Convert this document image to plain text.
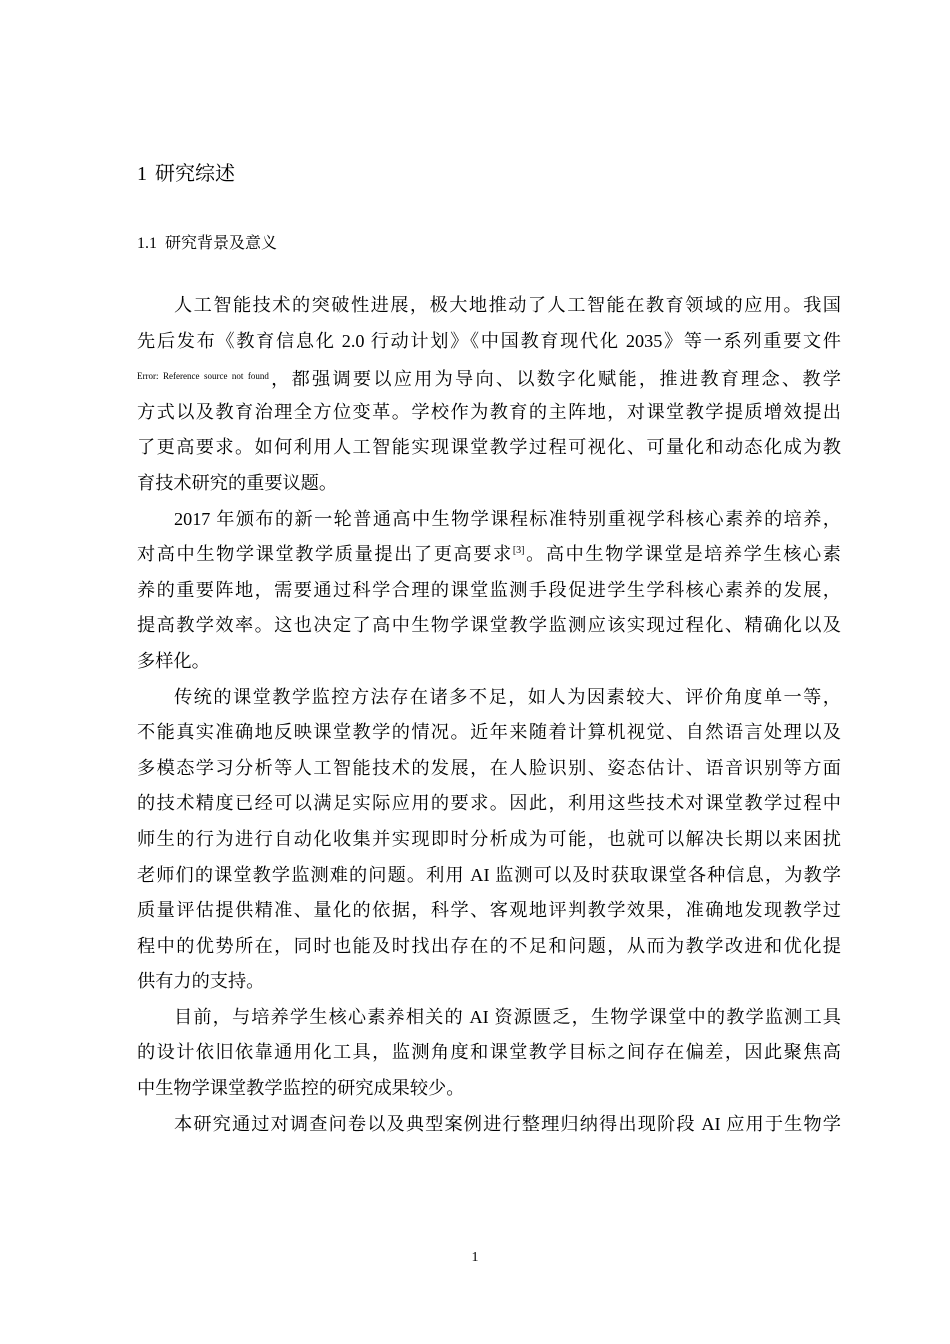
1 研究综述
1.1 研究背景及意义
人工智能技术的突破性进展，极大地推动了人工智能在教育领域的应用。我国
先后发布《教育信息化 2.0 行动计划》《中国教育现代化 2035》等一系列重要文件
$^{Error: Reference source not found}$，都强调要以应用为导向、以数字化赋能，推进教育理念、教学
方式以及教育治理全方位变革。学校作为教育的主阵地，对课堂教学提质增效提出
了更高要求。如何利用人工智能实现课堂教学过程可视化、可量化和动态化成为教
育技术研究的重要议题。
2017 年颁布的新一轮普通高中生物学课程标准特别重视学科核心素养的培养，
对高中生物学课堂教学质量提出了更高要求[3]。高中生物学课堂是培养学生核心素
养的重要阵地，需要通过科学合理的课堂监测手段促进学生学科核心素养的发展，
提高教学效率。这也决定了高中生物学课堂教学监测应该实现过程化、精确化以及
多样化。
传统的课堂教学监控方法存在诸多不足，如人为因素较大、评价角度单一等，
不能真实准确地反映课堂教学的情况。近年来随着计算机视觉、自然语言处理以及
多模态学习分析等人工智能技术的发展，在人脸识别、姿态估计、语音识别等方面
的技术精度已经可以满足实际应用的要求。因此，利用这些技术对课堂教学过程中
师生的行为进行自动化收集并实现即时分析成为可能，也就可以解决长期以来困扰
老师们的课堂教学监测难的问题。利用 AI 监测可以及时获取课堂各种信息，为教学
质量评估提供精准、量化的依据，科学、客观地评判教学效果，准确地发现教学过
程中的优势所在，同时也能及时找出存在的不足和问题，从而为教学改进和优化提
供有力的支持。
目前，与培养学生核心素养相关的 AI 资源匮乏，生物学课堂中的教学监测工具
的设计依旧依靠通用化工具，监测角度和课堂教学目标之间存在偏差，因此聚焦高
中生物学课堂教学监控的研究成果较少。
本研究通过对调查问卷以及典型案例进行整理归纳得出现阶段 AI 应用于生物学
1
